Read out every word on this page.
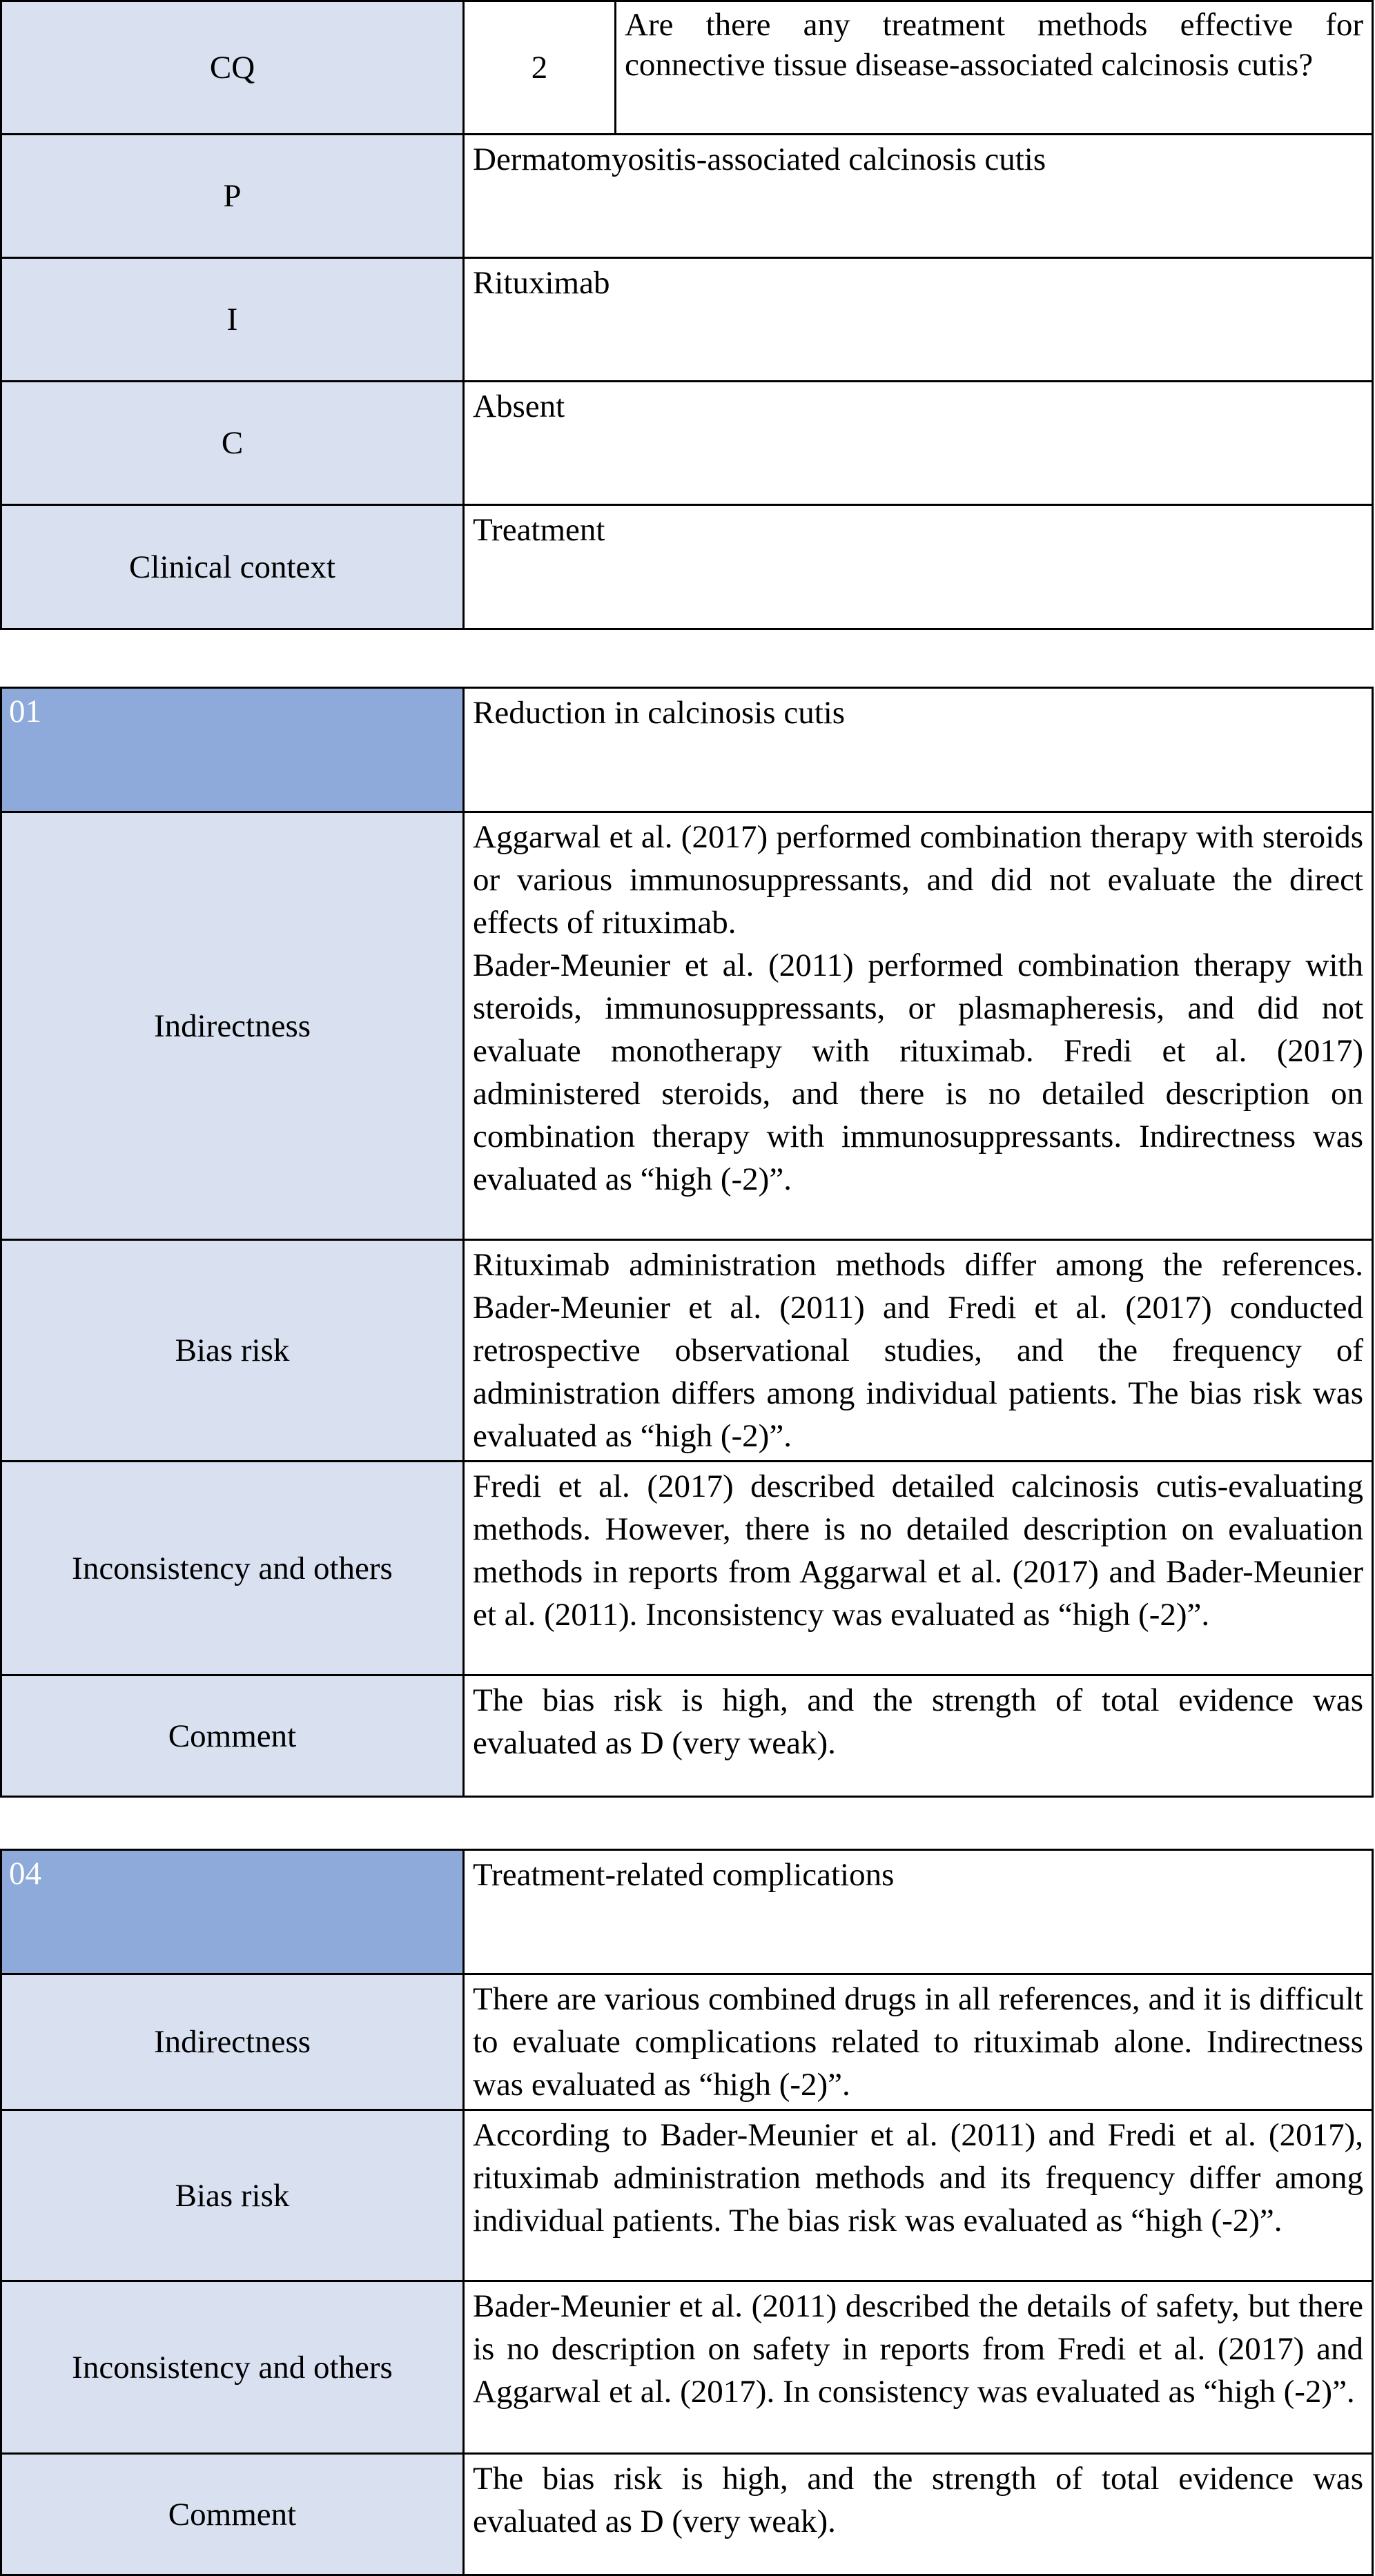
CQ	2	Are there any treatment methods effective for connective tissue disease-associated calcinosis cutis?
P	Dermatomyositis-associated calcinosis cutis	
I	Rituximab	
C	Absent	
Clinical context	Treatment	
01	Reduction in calcinosis cutis
Indirectness	Aggarwal et al. (2017) performed combination therapy with steroids or various immunosuppressants, and did not evaluate the direct effects of rituximab.
Bader-Meunier et al. (2011) performed combination therapy with steroids, immunosuppressants, or plasmapheresis, and did not evaluate monotherapy with rituximab. Fredi et al. (2017) administered steroids, and there is no detailed description on combination therapy with immunosuppressants. Indirectness was evaluated as “high (-2)”.

Bias risk	Rituximab administration methods differ among the references. Bader-Meunier et al. (2011) and Fredi et al. (2017) conducted retrospective observational studies, and the frequency of administration differs among individual patients. The bias risk was evaluated as “high (-2)”.
Inconsistency and others	Fredi et al. (2017) described detailed calcinosis cutis-evaluating methods. However, there is no detailed description on evaluation methods in reports from Aggarwal et al. (2017) and Bader-Meunier et al. (2011). Inconsistency was evaluated as “high (-2)”.
Comment	The bias risk is high, and the strength of total evidence was evaluated as D (very weak).
04	Treatment-related complications
Indirectness	There are various combined drugs in all references, and it is difficult to evaluate complications related to rituximab alone. Indirectness was evaluated as “high (-2)”.
Bias risk	According to Bader-Meunier et al. (2011) and Fredi et al. (2017), rituximab administration methods and its frequency differ among individual patients. The bias risk was evaluated as “high (-2)”.
Inconsistency and others	Bader-Meunier et al. (2011) described the details of safety, but there is no description on safety in reports from Fredi et al. (2017) and Aggarwal et al. (2017). In consistency was evaluated as “high (-2)”.
Comment	The bias risk is high, and the strength of total evidence was evaluated as D (very weak).
